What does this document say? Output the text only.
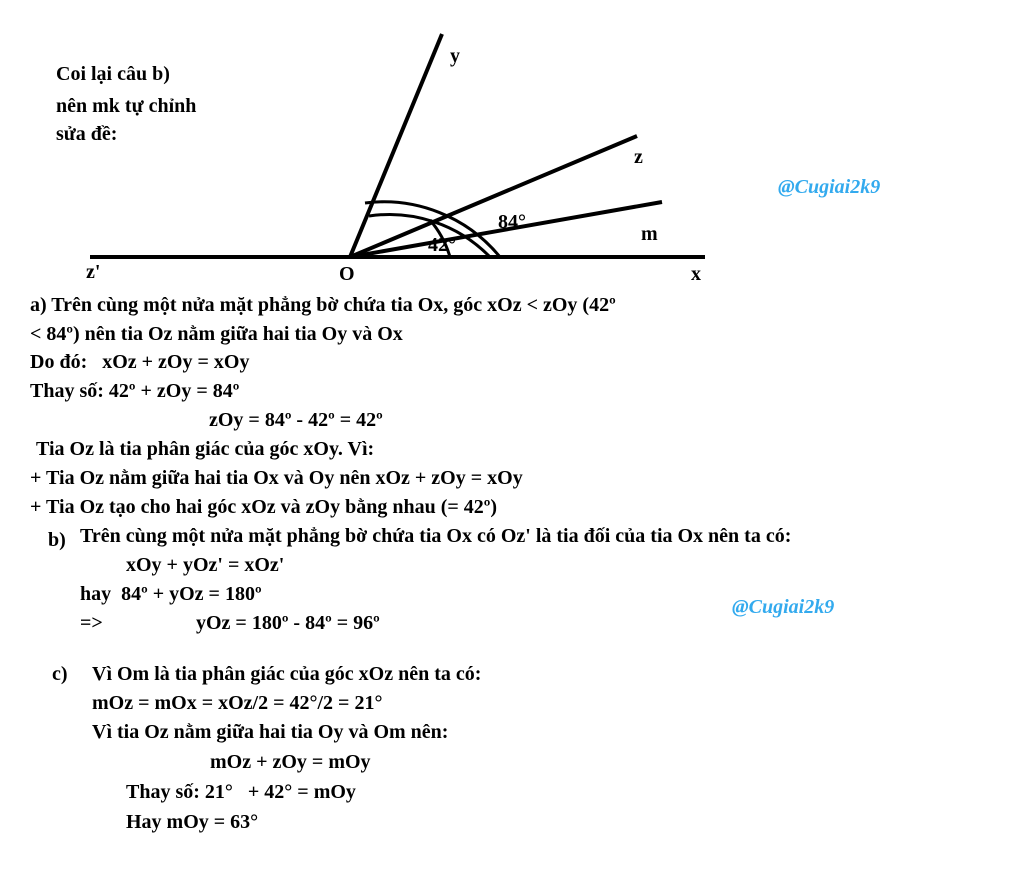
Coi lại câu b)
nên mk tự chỉnh
sửa đề:
y
z
m
z'	O	x
84°
42°
@Cugiai2k9
@Cugiai2k9
a) Trên cùng một nửa mặt phẳng bờ chứa tia Ox, góc xOz < zOy (42º
< 84º) nên tia Oz nằm giữa hai tia Oy và Ox
Do đó:   xOz + zOy = xOy
Thay số: 42º + zOy = 84º
zOy = 84º - 42º = 42º
Tia Oz là tia phân giác của góc xOy. Vì:
+ Tia Oz nằm giữa hai tia Ox và Oy nên xOz + zOy = xOy
+ Tia Oz tạo cho hai góc xOz và zOy bằng nhau (= 42º)
b) Trên cùng một nửa mặt phẳng bờ chứa tia Ox có Oz' là tia đối của tia Ox nên ta có:
xOy + yOz' = xOz'
hay  84º + yOz = 180º
=>	yOz = 180º - 84º = 96º
c) Vì Om là tia phân giác của góc xOz nên ta có:
mOz = mOx = xOz/2 = 42°/2 = 21°
Vì tia Oz nằm giữa hai tia Oy và Om nên:
mOz + zOy = mOy
Thay số: 21°   + 42° = mOy
Hay mOy = 63°
